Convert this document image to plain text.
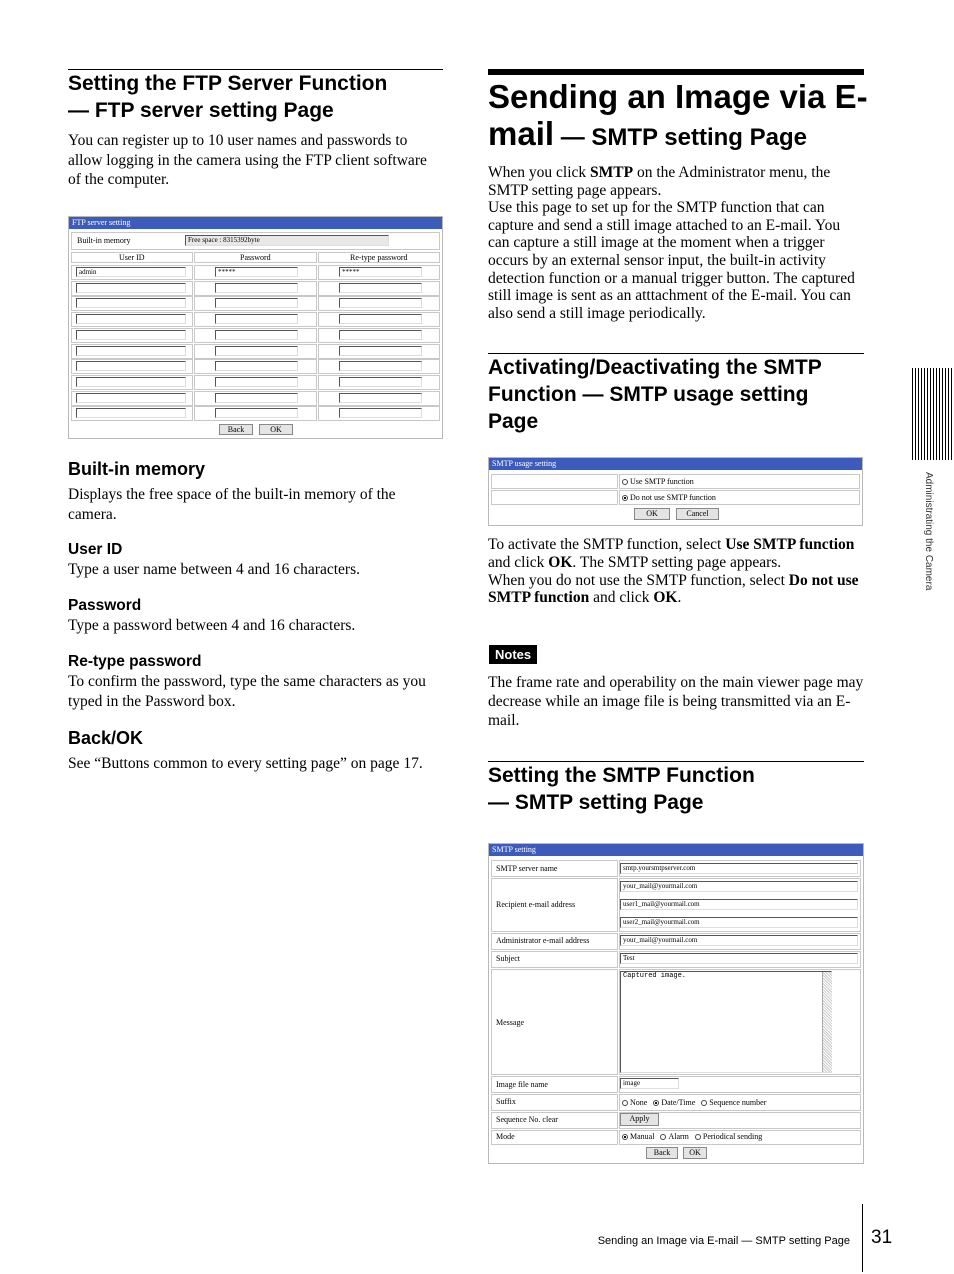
Setting the FTP Server Function
— FTP server setting Page
You can register up to 10 user names and passwords to allow logging in the camera using the FTP client software of the computer.
FTP server setting
Built-in memory	Free space : 8315392byte
User ID	Password	Re-type password
admin	*****	*****
Back	OK
Built-in memory
Displays the free space of the built-in memory of the camera.
User ID
Type a user name between 4 and 16 characters.
Password
Type a password between 4 and 16 characters.
Re-type password
To confirm the password, type the same characters as you typed in the Password box.
Back/OK
See “Buttons common to every setting page” on page 17.
Sending an Image via E-
mail — SMTP setting Page
When you click SMTP on the Administrator menu, the SMTP setting page appears.
Use this page to set up for the SMTP function that can capture and send a still image attached to an E-mail. You can capture a still image at the moment when a trigger occurs by an external sensor input, the built-in activity detection function or a manual trigger button. The captured still image is sent as an atttachment of the E-mail. You can also send a still image periodically.
Activating/Deactivating the SMTP Function — SMTP usage setting Page
SMTP usage setting
Use SMTP function
Do not use SMTP function
OK	Cancel
To activate the SMTP function, select Use SMTP function and click OK. The SMTP setting page appears.
When you do not use the SMTP function, select Do not use SMTP function and click OK.
Notes
The frame rate and operability on the main viewer page may decrease while an image file is being transmitted via an E-mail.
Setting the SMTP Function
— SMTP setting Page
SMTP setting
SMTP server name	smtp.yoursmtpserver.com
Recipient e-mail address
your_mail@yourmail.com
user1_mail@yourmail.com
user2_mail@yourmail.com
Administrator e-mail address	your_mail@yourmail.com
Subject	Test
Message
Captured image.
Image file name	image
Suffix	None Date/Time Sequence number
Sequence No. clear	Apply
Mode	Manual Alarm Periodical sending
Back	OK
Administrating the Camera
Sending an Image via E-mail — SMTP setting Page 31
